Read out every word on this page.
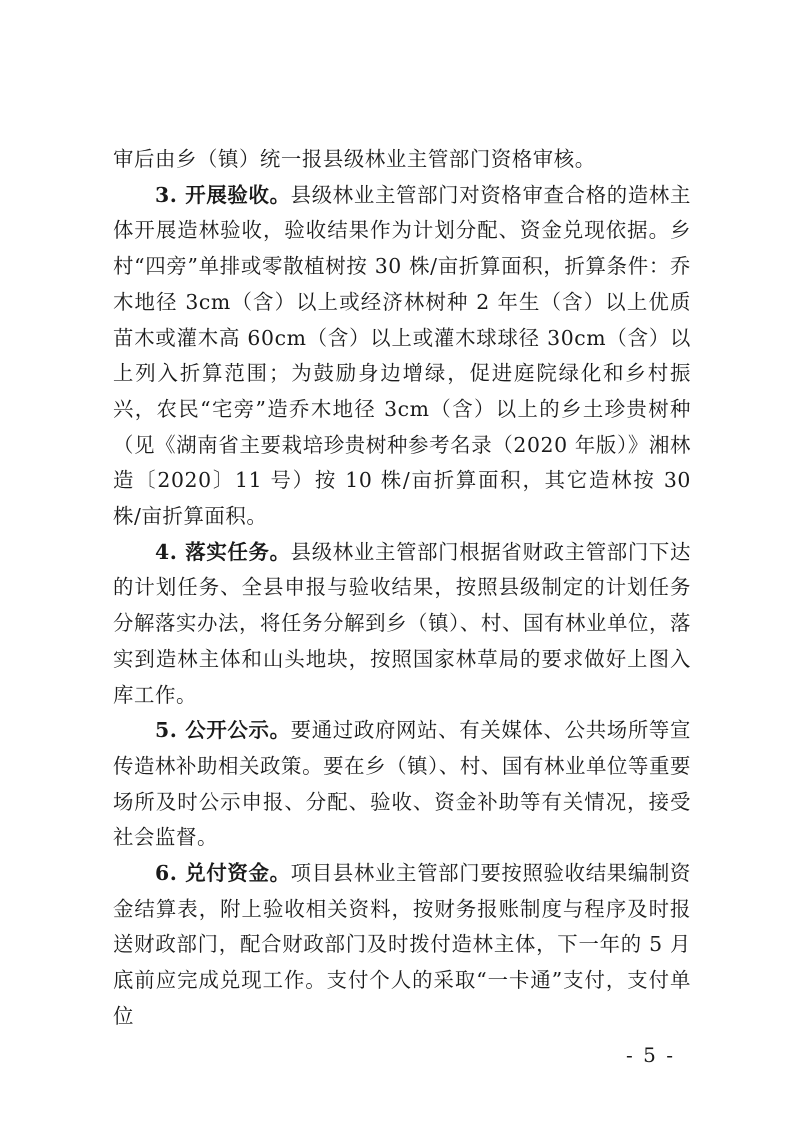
审后由乡（镇）统一报县级林业主管部门资格审核。

3. 开展验收。县级林业主管部门对资格审查合格的造林主体开展造林验收，验收结果作为计划分配、资金兑现依据。乡村“四旁”单排或零散植树按 30 株/亩折算面积，折算条件：乔木地径 3cm（含）以上或经济林树种 2 年生（含）以上优质苗木或灌木高 60cm（含）以上或灌木球球径 30cm（含）以上列入折算范围；为鼓励身边增绿，促进庭院绿化和乡村振兴，农民“宅旁”造乔木地径 3cm（含）以上的乡土珍贵树种（见《湖南省主要栽培珍贵树种参考名录（2020 年版）》湘林造〔2020〕11 号）按 10 株/亩折算面积，其它造林按 30 株/亩折算面积。

4. 落实任务。县级林业主管部门根据省财政主管部门下达的计划任务、全县申报与验收结果，按照县级制定的计划任务分解落实办法，将任务分解到乡（镇）、村、国有林业单位，落实到造林主体和山头地块，按照国家林草局的要求做好上图入库工作。

5. 公开公示。要通过政府网站、有关媒体、公共场所等宣传造林补助相关政策。要在乡（镇）、村、国有林业单位等重要场所及时公示申报、分配、验收、资金补助等有关情况，接受社会监督。

6. 兑付资金。项目县林业主管部门要按照验收结果编制资金结算表，附上验收相关资料，按财务报账制度与程序及时报送财政部门，配合财政部门及时拨付造林主体，下一年的 5 月底前应完成兑现工作。支付个人的采取“一卡通”支付，支付单位

- 5 -
